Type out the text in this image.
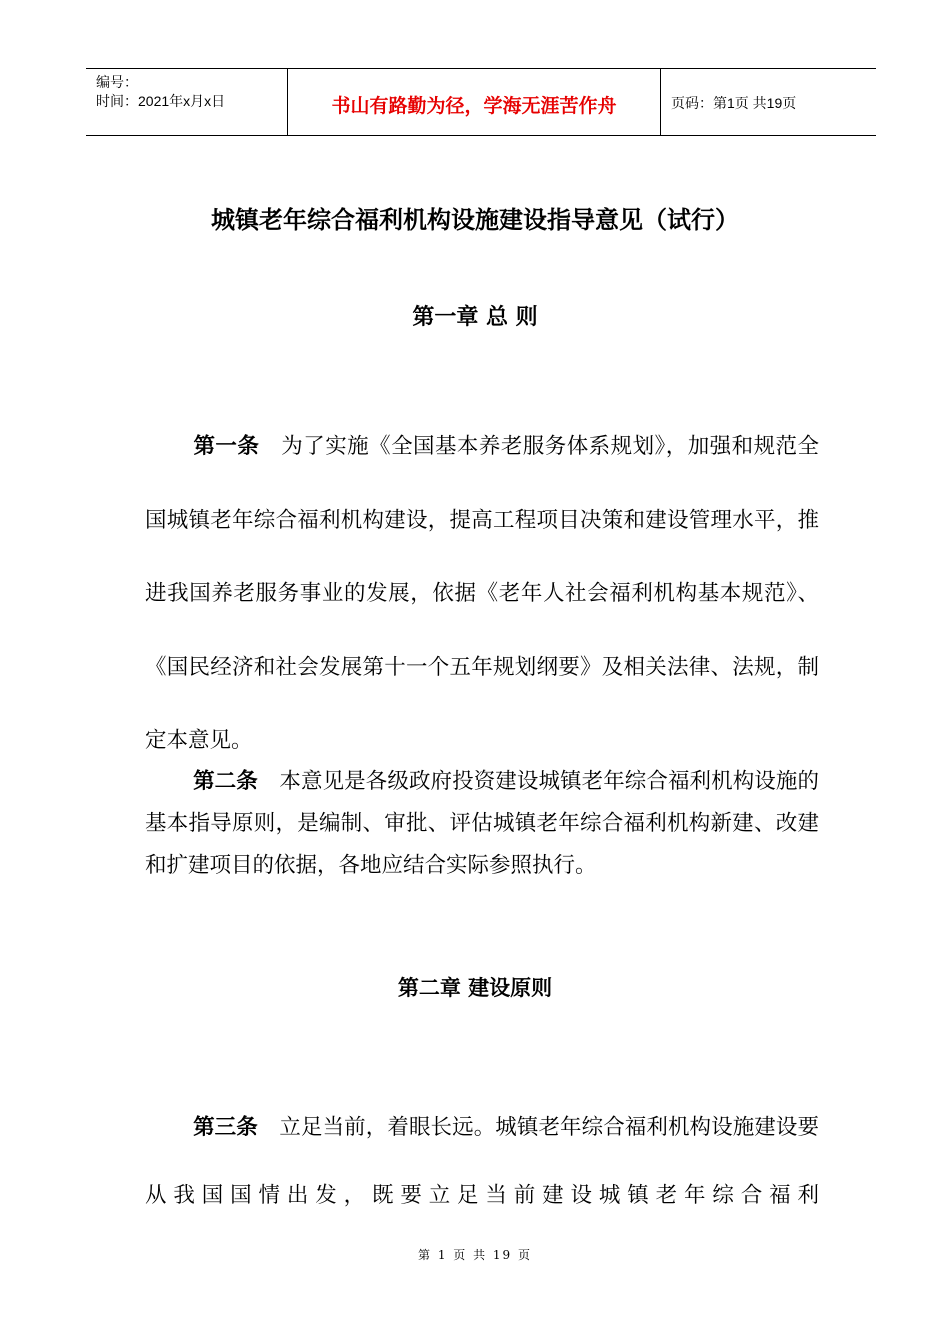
编号：
时间：2021年x月x日	书山有路勤为径，学海无涯苦作舟	页码：第1页 共19页
城镇老年综合福利机构设施建设指导意见（试行）
第一章 总 则
第一条  为了实施《全国基本养老服务体系规划》，加强和规范全国城镇老年综合福利机构建设，提高工程项目决策和建设管理水平，推进我国养老服务事业的发展，依据《老年人社会福利机构基本规范》、《国民经济和社会发展第十一个五年规划纲要》及相关法律、法规，制定本意见。
第二条  本意见是各级政府投资建设城镇老年综合福利机构设施的基本指导原则，是编制、审批、评估城镇老年综合福利机构新建、改建和扩建项目的依据，各地应结合实际参照执行。
第二章 建设原则
第三条  立足当前，着眼长远。城镇老年综合福利机构设施建设要从我国国情出发，既要立足当前建设城镇老年综合福利
第 1 页 共 19 页
